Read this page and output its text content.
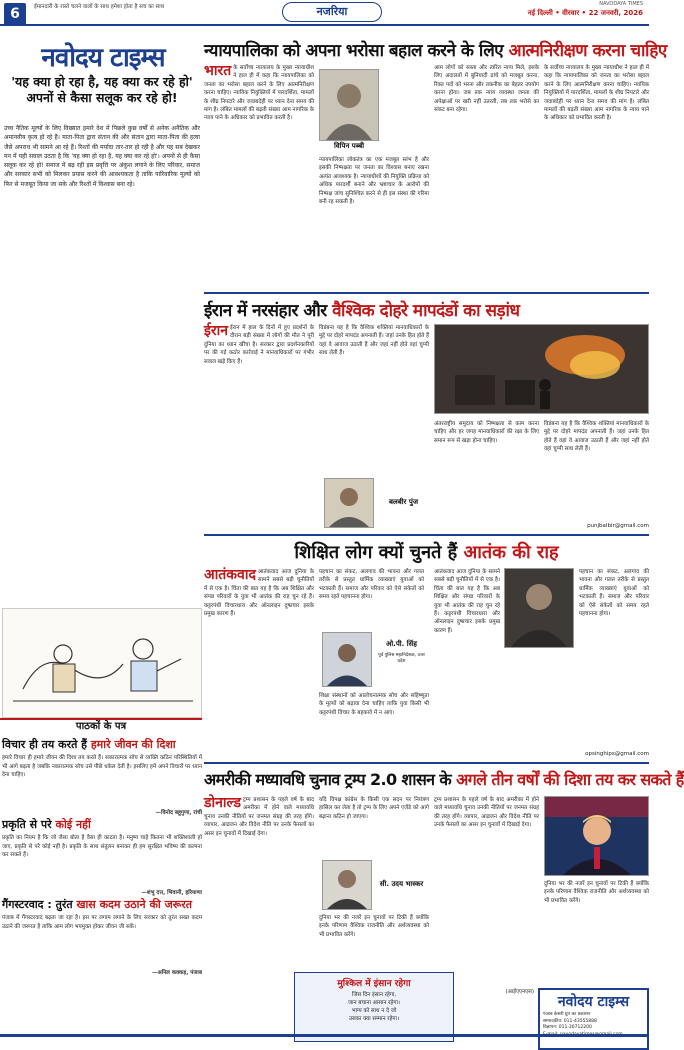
6	ईमानदारी के रास्ते चलने वालों के साथ हमेशा होता है सच का साथ	नजरिया
NAVODAYA TIMES
नई दिल्ली • वीरवार • 22 जनवरी, 2026
नवोदय टाइम्स
'यह क्या हो रहा है, यह क्या कर रहे हो' अपनों से कैसा सलूक कर रहे हो!
उच्च नैतिक मूल्यों के लिए विख्यात हमारे देश में पिछले कुछ वर्षों से अनेक अनैतिक और अमानवीय कृत्य हो रहे हैं। माता-पिता द्वारा संतान की और संतान द्वारा माता-पिता की हत्या जैसे अपराध भी सामने आ रहे हैं। रिश्तों की मर्यादा तार-तार हो रही है और यह सब देखकर मन में यही सवाल उठता है कि 'यह क्या हो रहा है, यह क्या कर रहे हो'। अपनों से ही कैसा सलूक कर रहे हो! समाज में बढ़ रही इस प्रवृत्ति पर अंकुश लगाने के लिए परिवार, समाज और सरकार सभी को मिलकर प्रयास करने की आवश्यकता है ताकि पारिवारिक मूल्यों को फिर से मजबूत किया जा सके और रिश्तों में विश्वास बना रहे।
पाठकों के पत्र
विचार ही तय करते हैं हमारे जीवन की दिशा
हमारे विचार ही हमारे जीवन की दिशा तय करते हैं। सकारात्मक सोच से व्यक्ति कठिन परिस्थितियों में भी आगे बढ़ता है जबकि नकारात्मक सोच उसे पीछे धकेल देती है। इसलिए हमें अपने विचारों पर ध्यान देना चाहिए।
—विनोद बहुगुणा, रांची
प्रकृति से परे कोई नहीं
प्रकृति का नियम है कि जो जैसा बोता है वैसा ही काटता है। मनुष्य चाहे कितना भी शक्तिशाली हो जाए, प्रकृति से परे कोई नहीं है। प्रकृति के साथ संतुलन बनाकर ही हम सुरक्षित भविष्य की कल्पना कर सकते हैं।
—शंभु दत्त, भिवानी, हरियाणा
गैंगस्टरवाद : तुरंत खास कदम उठाने की जरूरत
पंजाब में गैंगस्टरवाद बढ़ता जा रहा है। इस पर लगाम लगाने के लिए सरकार को तुरंत सख्त कदम उठाने की जरूरत है ताकि आम लोग भयमुक्त होकर जीवन जी सकें।
—अनिल कक्कड़, पंजाब
न्यायपालिका को अपना भरोसा बहाल करने के लिए आत्मनिरीक्षण करना चाहिए
भारत के सर्वोच्च न्यायालय के मुख्य न्यायाधीश ने हाल ही में कहा कि न्यायपालिका को जनता का भरोसा बहाल करने के लिए आत्मनिरीक्षण करना चाहिए। न्यायिक नियुक्तियों में पारदर्शिता, मामलों के शीघ्र निपटारे और जवाबदेही पर ध्यान देना समय की मांग है। लंबित मामलों की बढ़ती संख्या आम नागरिक के न्याय पाने के अधिकार को प्रभावित करती है।
विपिन पब्बी
न्यायपालिका लोकतंत्र का एक मजबूत स्तंभ है और इसकी निष्पक्षता पर जनता का विश्वास बनाए रखना अत्यंत आवश्यक है। न्यायाधीशों की नियुक्ति प्रक्रिया को अधिक पारदर्शी बनाने और भ्रष्टाचार के आरोपों की निष्पक्ष जांच सुनिश्चित करने से ही इस संस्था की गरिमा बनी रह सकती है।
आम लोगों को सस्ता और त्वरित न्याय मिले, इसके लिए अदालतों में बुनियादी ढांचे को मजबूत करना, रिक्त पदों को भरना और तकनीक का बेहतर उपयोग करना होगा। जब तक न्याय व्यवस्था जनता की अपेक्षाओं पर खरी नहीं उतरती, तब तक भरोसे का संकट बना रहेगा।
के सर्वोच्च न्यायालय के मुख्य न्यायाधीश ने हाल ही में कहा कि न्यायपालिका को जनता का भरोसा बहाल करने के लिए आत्मनिरीक्षण करना चाहिए। न्यायिक नियुक्तियों में पारदर्शिता, मामलों के शीघ्र निपटारे और जवाबदेही पर ध्यान देना समय की मांग है। लंबित मामलों की बढ़ती संख्या आम नागरिक के न्याय पाने के अधिकार को प्रभावित करती है।
ईरान में नरसंहार और वैश्विक दोहरे मापदंडों का सड़ांध
ईरान ईरान में हाल के दिनों में हुए प्रदर्शनों के दौरान बड़ी संख्या में लोगों की मौत ने पूरी दुनिया का ध्यान खींचा है। सरकार द्वारा प्रदर्शनकारियों पर की गई कठोर कार्रवाई ने मानवाधिकारों पर गंभीर सवाल खड़े किए हैं।
विडंबना यह है कि वैश्विक शक्तियां मानवाधिकारों के मुद्दे पर दोहरे मापदंड अपनाती हैं। जहां उनके हित होते हैं वहां वे आवाज उठाती हैं और जहां नहीं होते वहां चुप्पी साध लेती हैं।
बलबीर पुंज
अंतरराष्ट्रीय समुदाय को निष्पक्षता से काम करना चाहिए और हर जगह मानवाधिकारों की रक्षा के लिए समान रूप से खड़ा होना चाहिए।
विडंबना यह है कि वैश्विक शक्तियां मानवाधिकारों के मुद्दे पर दोहरे मापदंड अपनाती हैं। जहां उनके हित होते हैं वहां वे आवाज उठाती हैं और जहां नहीं होते वहां चुप्पी साध लेती हैं।
punjbalbir@gmail.com
शिक्षित लोग क्यों चुनते हैं आतंक की राह
आतंकवाद आतंकवाद आज दुनिया के सामने सबसे बड़ी चुनौतियों में से एक है। चिंता की बात यह है कि अब शिक्षित और संपन्न परिवारों के युवा भी आतंक की राह चुन रहे हैं। कट्टरपंथी विचारधारा और ऑनलाइन दुष्प्रचार इसके प्रमुख कारण हैं।
पहचान का संकट, अलगाव की भावना और गलत तरीके से प्रस्तुत धार्मिक व्याख्याएं युवाओं को भटकाती हैं। समाज और परिवार को ऐसे संकेतों को समय रहते पहचानना होगा।
ओ.पी. सिंह
पूर्व पुलिस महानिदेशक, उत्तर प्रदेश
शिक्षा संस्थानों को आलोचनात्मक सोच और सहिष्णुता के मूल्यों को बढ़ावा देना चाहिए ताकि युवा किसी भी कट्टरपंथी विचार के बहकावे में न आएं।
आतंकवाद आज दुनिया के सामने सबसे बड़ी चुनौतियों में से एक है। चिंता की बात यह है कि अब शिक्षित और संपन्न परिवारों के युवा भी आतंक की राह चुन रहे हैं। कट्टरपंथी विचारधारा और ऑनलाइन दुष्प्रचार इसके प्रमुख कारण हैं।
पहचान का संकट, अलगाव की भावना और गलत तरीके से प्रस्तुत धार्मिक व्याख्याएं युवाओं को भटकाती हैं। समाज और परिवार को ऐसे संकेतों को समय रहते पहचानना होगा।
opsinghips@gmail.com
अमरीकी मध्यावधि चुनाव ट्रम्प 2.0 शासन के अगले तीन वर्षों की दिशा तय कर सकते हैं
डोनाल्ड ट्रम्प प्रशासन के पहले वर्ष के बाद अमरीका में होने वाले मध्यावधि चुनाव उनकी नीतियों पर जनमत संग्रह की तरह होंगे। व्यापार, आव्रजन और विदेश नीति पर उनके फैसलों का असर इन चुनावों में दिखाई देगा।
यदि विपक्ष कांग्रेस के किसी एक सदन पर नियंत्रण हासिल कर लेता है तो ट्रम्प के लिए अपने एजेंडे को आगे बढ़ाना कठिन हो जाएगा।
सी. उदय भास्कर
दुनिया भर की नजरें इन चुनावों पर टिकी हैं क्योंकि इनके परिणाम वैश्विक राजनीति और अर्थव्यवस्था को भी प्रभावित करेंगे।
ट्रम्प प्रशासन के पहले वर्ष के बाद अमरीका में होने वाले मध्यावधि चुनाव उनकी नीतियों पर जनमत संग्रह की तरह होंगे। व्यापार, आव्रजन और विदेश नीति पर उनके फैसलों का असर इन चुनावों में दिखाई देगा।
दुनिया भर की नजरें इन चुनावों पर टिकी हैं क्योंकि इनके परिणाम वैश्विक राजनीति और अर्थव्यवस्था को भी प्रभावित करेंगे।
(आईएएनएस)
मुश्किल में इंसान रहेगा
जिस दिन इंसान रहेगा,
जान बचाना आसान रहेगा।
भाग्य को साथ न दे जो
उसका क्या सम्मान रहेगा।
नवोदय टाइम्स
पंजाब केसरी ग्रुप का प्रकाशन
सम्पादकीय: 011-43555888
विज्ञापन: 011-30712200
